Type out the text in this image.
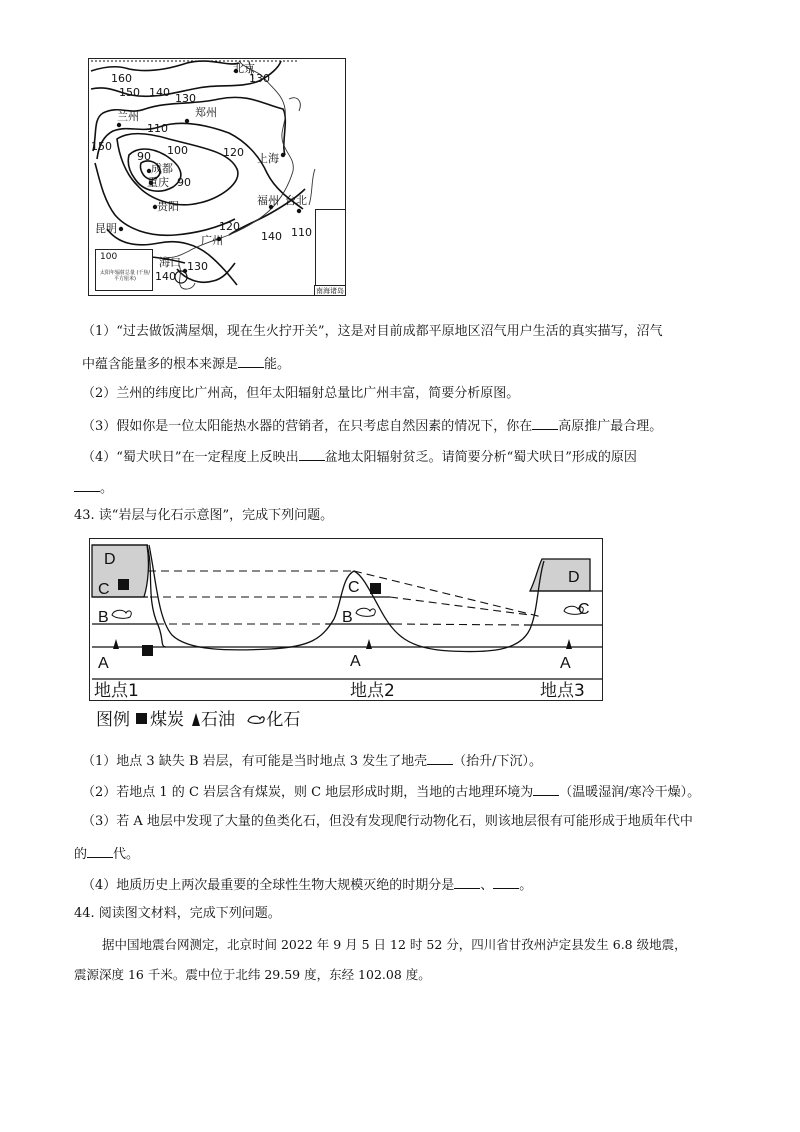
北京
郑州
兰州
成都
重庆
贵阳
上海
福州 台北
昆明
广州
海口
160
150 140 130
130
110
150
90 100
90
120
120
140 110
130
140
100
太阳年辐射总量 (千焦/平方厘米)
南海诸岛
（1）“过去做饭满屋烟，现在生火拧开关”，这是对目前成都平原地区沼气用户生活的真实描写，沼气
中蕴含能量多的根本来源是 能。
（2）兰州的纬度比广州高，但年太阳辐射总量比广州丰富，简要分析原图。
（3）假如你是一位太阳能热水器的营销者，在只考虑自然因素的情况下，你在 高原推广最合理。
（4）“蜀犬吠日”在一定程度上反映出 盆地太阳辐射贫乏。请简要分析“蜀犬吠日”形成的原因
。
43. 读“岩层与化石示意图”，完成下列问题。
D
C
B
A
C
B
A
D
C
A
地点1	地点2	地点3
图例 煤炭 石油 化石
（1）地点 3 缺失 B 岩层，有可能是当时地点 3 发生了地壳 （抬升/下沉）。
（2）若地点 1 的 C 岩层含有煤炭，则 C 地层形成时期，当地的古地理环境为 （温暖湿润/寒冷干燥）。
（3）若 A 地层中发现了大量的鱼类化石，但没有发现爬行动物化石，则该地层很有可能形成于地质年代中
的 代。
（4）地质历史上两次最重要的全球性生物大规模灭绝的时期分是 、 。
44. 阅读图文材料，完成下列问题。
据中国地震台网测定，北京时间 2022 年 9 月 5 日 12 时 52 分，四川省甘孜州泸定县发生 6.8 级地震，
震源深度 16 千米。震中位于北纬 29.59 度，东经 102.08 度。
